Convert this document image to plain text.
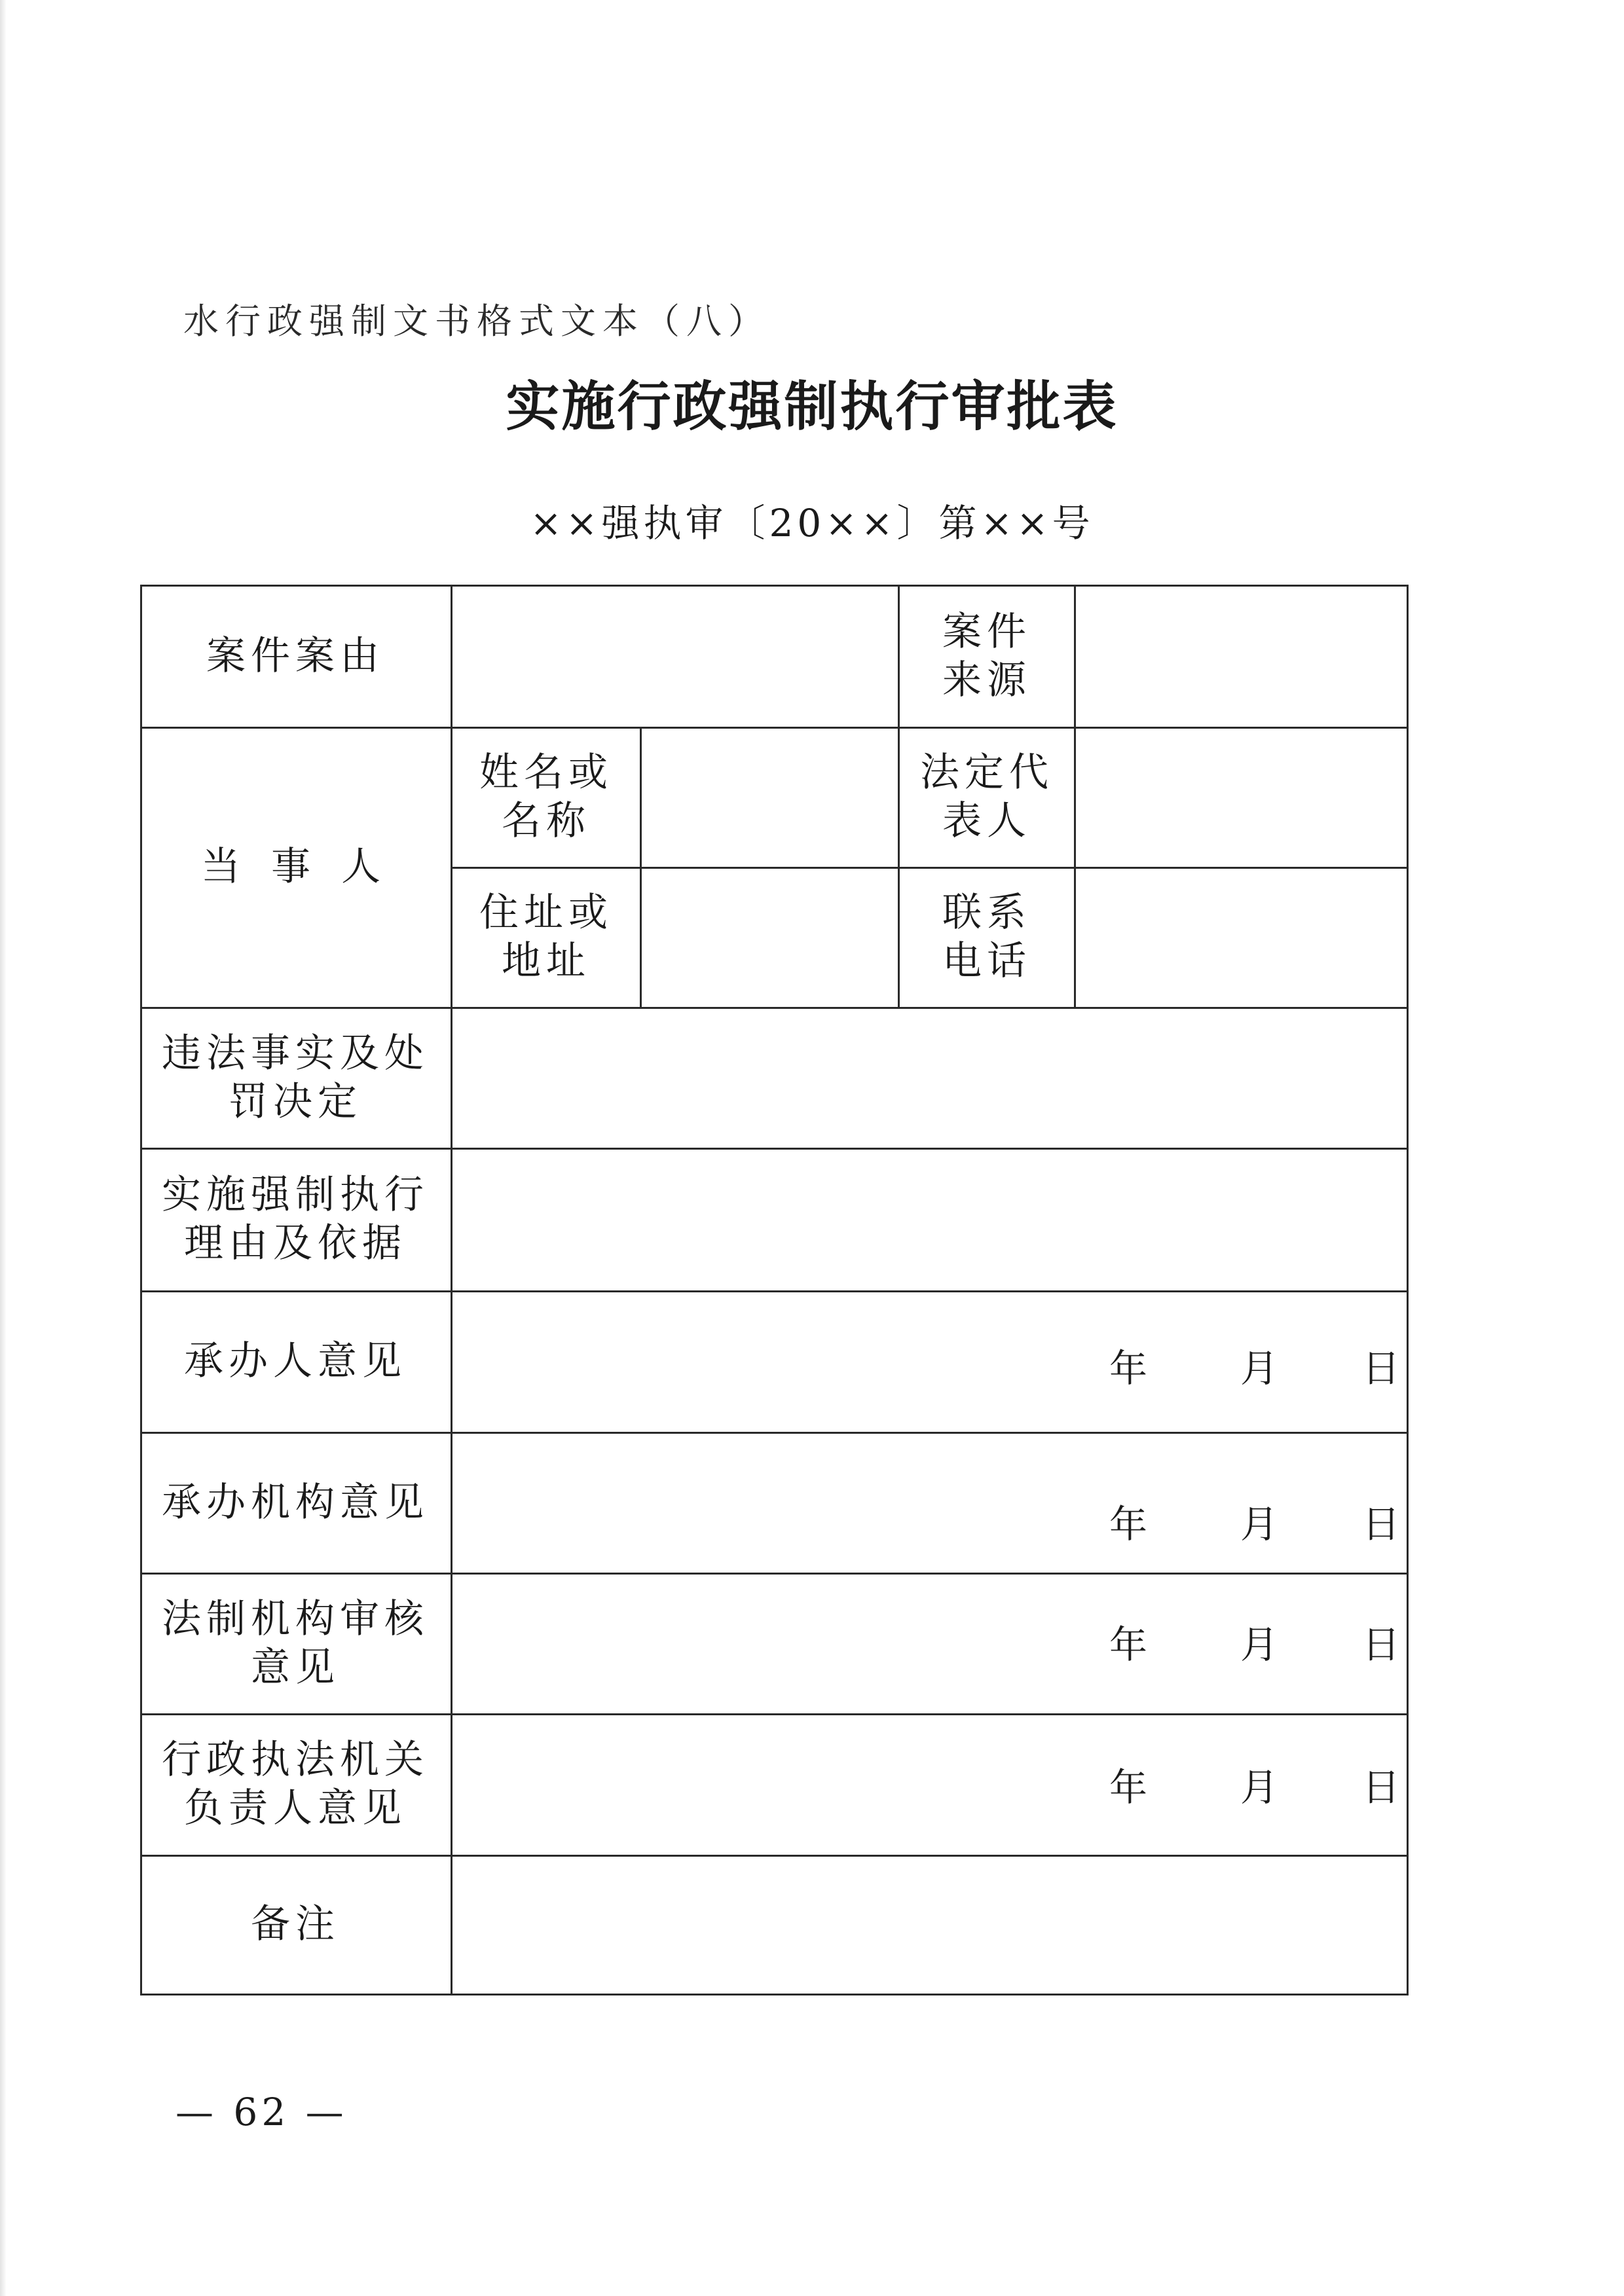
水行政强制文书格式文本（八）
实施行政强制执行审批表
××强执审〔20××〕第××号
案件案由
案件
来源
当 事 人
姓名或
名称
法定代
表人
住址或
地址
联系
电话
违法事实及处
罚决定
实施强制执行
理由及依据
承办人意见
承办机构意见
法制机构审核
意见
行政执法机关
负责人意见
备注
年 月 日
年 月 日
年 月 日
年 月 日
— 62 —
